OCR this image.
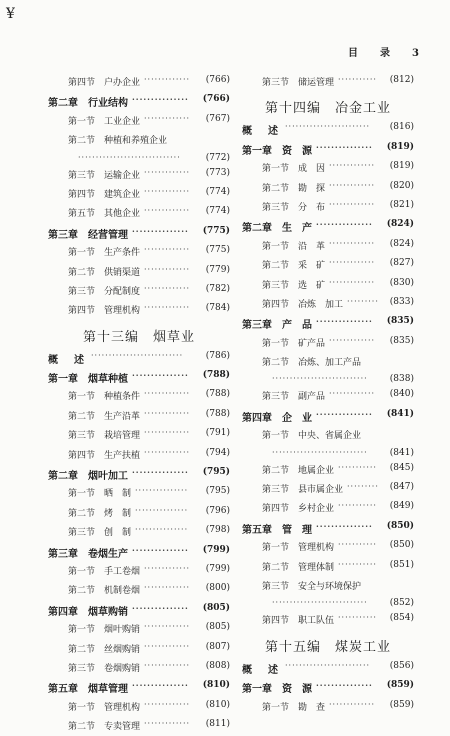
¥
目　录　3
第四节　户办企业 ·············	(766)
第二章　行业结构 ···············	(766)
第一节　工业企业 ·············	(767)
第二节　种植和养殖企业
·····························	(772)
第三节　运输企业 ·············	(773)
第四节　建筑企业 ·············	(774)
第五节　其他企业 ·············	(774)
第三章　经营管理 ···············	(775)
第一节　生产条件 ·············	(775)
第二节　供销渠道 ·············	(779)
第三节　分配制度 ·············	(782)
第四节　管理机构 ·············	(784)
第十三编　烟草业
概　述 ··························	(786)
第一章　烟草种植 ···············	(788)
第一节　种植条件 ·············	(788)
第二节　生产沿革 ·············	(788)
第三节　栽培管理 ·············	(791)
第四节　生产扶植 ·············	(794)
第二章　烟叶加工 ···············	(795)
第一节　晒　制 ···············	(795)
第二节　烤　制 ···············	(796)
第三节　创　制 ···············	(798)
第三章　卷烟生产 ···············	(799)
第一节　手工卷烟 ·············	(799)
第二节　机制卷烟 ·············	(800)
第四章　烟草购销 ···············	(805)
第一节　烟叶购销 ·············	(805)
第二节　丝烟购销 ·············	(807)
第三节　卷烟购销 ·············	(808)
第五章　烟草管理 ···············	(810)
第一节　管理机构 ·············	(810)
第二节　专卖管理 ·············	(811)
第三节　储运管理 ···········	(812)
第十四编　冶金工业
概　述 ························	(816)
第一章　资　源 ···············	(819)
第一节　成　因 ·············	(819)
第二节　勘　探 ·············	(820)
第三节　分　布 ·············	(821)
第二章　生　产 ···············	(824)
第一节　沿　革 ·············	(824)
第二节　采　矿 ·············	(827)
第三节　选　矿 ·············	(830)
第四节　冶炼　加工 ·········	(833)
第三章　产　品 ···············	(835)
第一节　矿产品 ·············	(835)
第二节　冶炼、加工产品
···························	(838)
第三节　副产品 ·············	(840)
第四章　企　业 ···············	(841)
第一节　中央、省属企业
···························	(841)
第二节　地属企业 ···········	(845)
第三节　县市属企业 ·········	(847)
第四节　乡村企业 ···········	(849)
第五章　管　理 ···············	(850)
第一节　管理机构 ···········	(850)
第二节　管理体制 ···········	(851)
第三节　安全与环境保护
···························	(852)
第四节　职工队伍 ···········	(854)
第十五编　煤炭工业
概　述 ························	(856)
第一章　资　源 ···············	(859)
第一节　勘　查 ·············	(859)
